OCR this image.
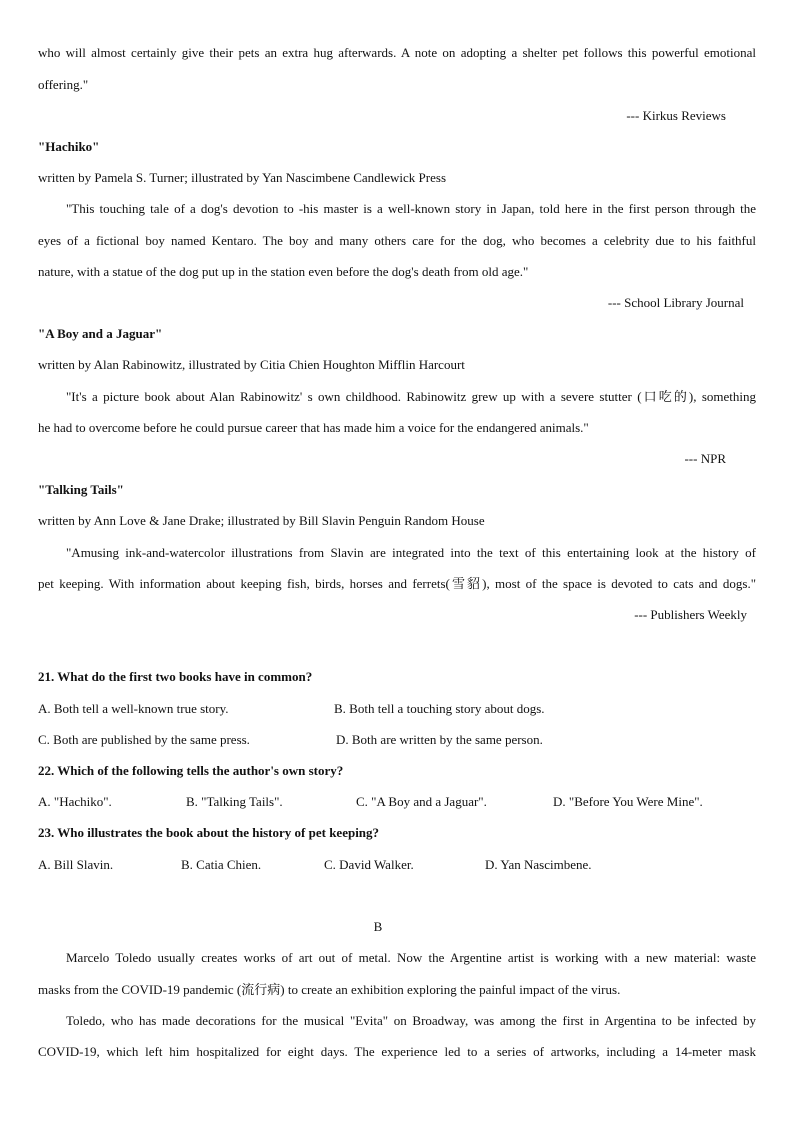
who will almost certainly give their pets an extra hug afterwards. A note on adopting a shelter pet follows this powerful emotional
offering."
--- Kirkus Reviews
"Hachiko"
written by Pamela S. Turner; illustrated by Yan Nascimbene Candlewick Press
"This touching tale of a dog's devotion to -his master is a well-known story in Japan, told here in the first person through the
eyes of a fictional boy named Kentaro. The boy and many others care for the dog, who becomes a celebrity due to his faithful
nature, with a statue of the dog put up in the station even before the dog's death from old age."
--- School Library Journal
"A Boy and a Jaguar"
written by Alan Rabinowitz, illustrated by Citia Chien Houghton Mifflin Harcourt
"It's a picture book about Alan Rabinowitz' s own childhood. Rabinowitz grew up with a severe stutter (口吃的), something
he had to overcome before he could pursue career that has made him a voice for the endangered animals."
--- NPR
"Talking Tails"
written by Ann Love & Jane Drake; illustrated by Bill Slavin Penguin Random House
"Amusing ink-and-watercolor illustrations from Slavin are integrated into the text of this entertaining look at the history of
pet keeping. With information about keeping fish, birds, horses and ferrets(雪貂), most of the space is devoted to cats and dogs."
--- Publishers Weekly
21. What do the first two books have in common?
A. Both tell a well-known true story.	B. Both tell a touching story about dogs.
C. Both are published by the same press.	D. Both are written by the same person.
22. Which of the following tells the author's own story?
A. "Hachiko".	B. "Talking Tails".	C. "A Boy and a Jaguar".	D. "Before You Were Mine".
23. Who illustrates the book about the history of pet keeping?
A. Bill Slavin.	B. Catia Chien.	C. David Walker.	D. Yan Nascimbene.
B
Marcelo Toledo usually creates works of art out of metal. Now the Argentine artist is working with a new material: waste
masks from the COVID-19 pandemic (流行病) to create an exhibition exploring the painful impact of the virus.
Toledo, who has made decorations for the musical "Evita" on Broadway, was among the first in Argentina to be infected by
COVID-19, which left him hospitalized for eight days. The experience led to a series of artworks, including a 14-meter mask
